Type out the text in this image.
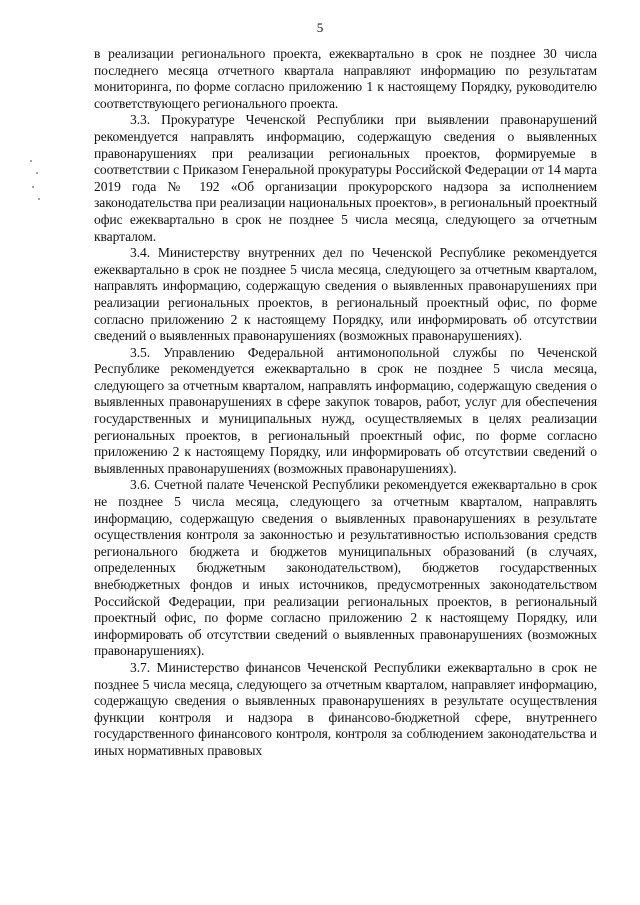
5

в реализации регионального проекта, ежеквартально в срок не позднее 30 числа последнего месяца отчетного квартала направляют информацию по результатам мониторинга, по форме согласно приложению 1 к настоящему Порядку, руководителю соответствующего регионального проекта.

3.3. Прокуратуре Чеченской Республики при выявлении правонарушений рекомендуется направлять информацию, содержащую сведения о выявленных правонарушениях при реализации региональных проектов, формируемые в соответствии с Приказом Генеральной прокуратуры Российской Федерации от 14 марта 2019 года № 192 «Об организации прокурорского надзора за исполнением законодательства при реализации национальных проектов», в региональный проектный офис ежеквартально в срок не позднее 5 числа месяца, следующего за отчетным кварталом.

3.4. Министерству внутренних дел по Чеченской Республике рекомендуется ежеквартально в срок не позднее 5 числа месяца, следующего за отчетным кварталом, направлять информацию, содержащую сведения о выявленных правонарушениях при реализации региональных проектов, в региональный проектный офис, по форме согласно приложению 2 к настоящему Порядку, или информировать об отсутствии сведений о выявленных правонарушениях (возможных правонарушениях).

3.5. Управлению Федеральной антимонопольной службы по Чеченской Республике рекомендуется ежеквартально в срок не позднее 5 числа месяца, следующего за отчетным кварталом, направлять информацию, содержащую сведения о выявленных правонарушениях в сфере закупок товаров, работ, услуг для обеспечения государственных и муниципальных нужд, осуществляемых в целях реализации региональных проектов, в региональный проектный офис, по форме согласно приложению 2 к настоящему Порядку, или информировать об отсутствии сведений о выявленных правонарушениях (возможных правонарушениях).

3.6. Счетной палате Чеченской Республики рекомендуется ежеквартально в срок не позднее 5 числа месяца, следующего за отчетным кварталом, направлять информацию, содержащую сведения о выявленных правонарушениях в результате осуществления контроля за законностью и результативностью использования средств регионального бюджета и бюджетов муниципальных образований (в случаях, определенных бюджетным законодательством), бюджетов государственных внебюджетных фондов и иных источников, предусмотренных законодательством Российской Федерации, при реализации региональных проектов, в региональный проектный офис, по форме согласно приложению 2 к настоящему Порядку, или информировать об отсутствии сведений о выявленных правонарушениях (возможных правонарушениях).

3.7. Министерство финансов Чеченской Республики ежеквартально в срок не позднее 5 числа месяца, следующего за отчетным кварталом, направляет информацию, содержащую сведения о выявленных правонарушениях в результате осуществления функции контроля и надзора в финансово-бюджетной сфере, внутреннего государственного финансового контроля, контроля за соблюдением законодательства и иных нормативных правовых
